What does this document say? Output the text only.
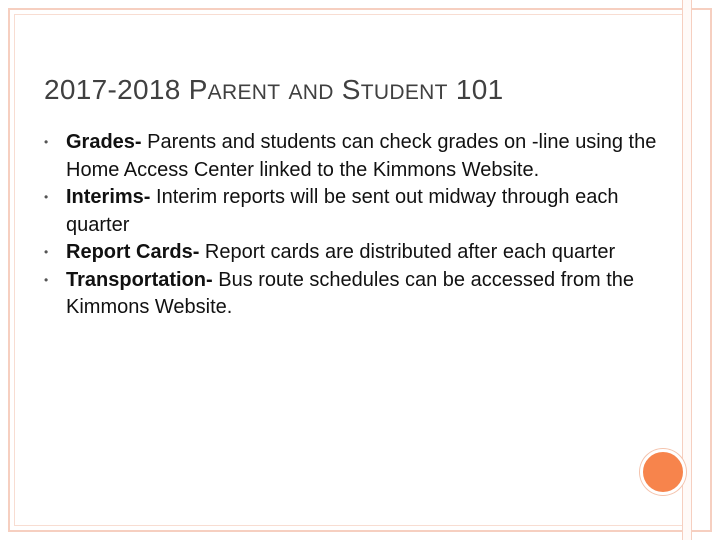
2017-2018 PARENT AND STUDENT 101
• Grades- Parents and students can check grades on -line using the Home Access Center linked to the Kimmons Website.
• Interims- Interim reports will be sent out midway through each quarter
• Report Cards- Report cards are distributed after each quarter
• Transportation- Bus route schedules can be accessed from the Kimmons Website.
